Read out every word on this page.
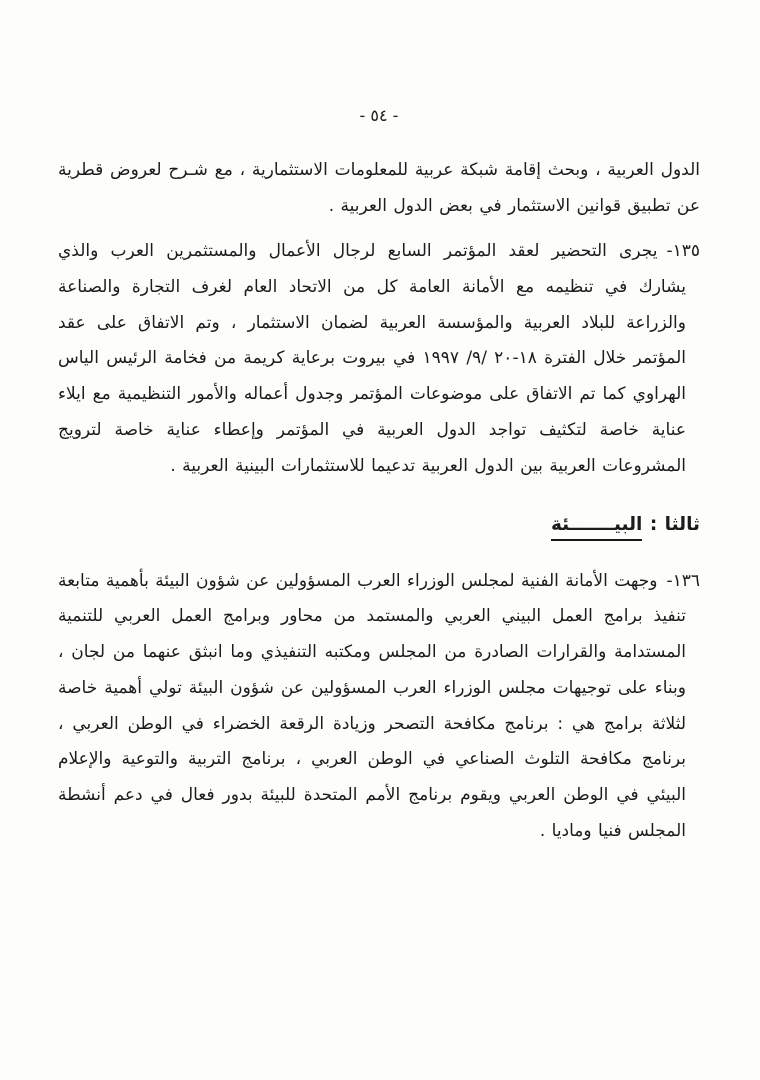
- ٥٤ -

الدول العربية ، وبحث إقامة شبكة عربية للمعلومات الاستثمارية ، مع شـرح لعروض قطرية عن تطبيق قوانين الاستثمار في بعض الدول العربية .

١٣٥-يجرى التحضير لعقد المؤتمر السابع لرجال الأعمال والمستثمرين العرب والذي يشارك في تنظيمه مع الأمانة العامة كل من الاتحاد العام لغرف التجارة والصناعة والزراعة للبلاد العربية والمؤسسة العربية لضمان الاستثمار ، وتم الاتفاق على عقد المؤتمر خلال الفترة ١٨-٢٠ /٩/ ١٩٩٧ في بيروت برعاية كريمة من فخامة الرئيس الياس الهراوي كما تم الاتفاق على موضوعات المؤتمر وجدول أعماله والأمور التنظيمية مع ايلاء عناية خاصة لتكثيف تواجد الدول العربية في المؤتمر وإعطاء عناية خاصة لترويج المشروعات العربية بين الدول العربية تدعيما للاستثمارات البينية العربية .

ثالثا : البيـــــــئة

١٣٦-وجهت الأمانة الفنية لمجلس الوزراء العرب المسؤولين عن شؤون البيئة بأهمية متابعة تنفيذ برامج العمل البيني العربي والمستمد من محاور وبرامج العمل العربي للتنمية المستدامة والقرارات الصادرة من المجلس ومكتبه التنفيذي وما انبثق عنهما من لجان ، وبناء على توجيهات مجلس الوزراء العرب المسؤولين عن شؤون البيئة تولي أهمية خاصة لثلاثة برامج هي : برنامج مكافحة التصحر وزيادة الرقعة الخضراء في الوطن العربي ، برنامج مكافحة التلوث الصناعي في الوطن العربي ، برنامج التربية والتوعية والإعلام البيئي في الوطن العربي ويقوم برنامج الأمم المتحدة للبيئة بدور فعال في دعم أنشطة المجلس فنيا وماديا .
